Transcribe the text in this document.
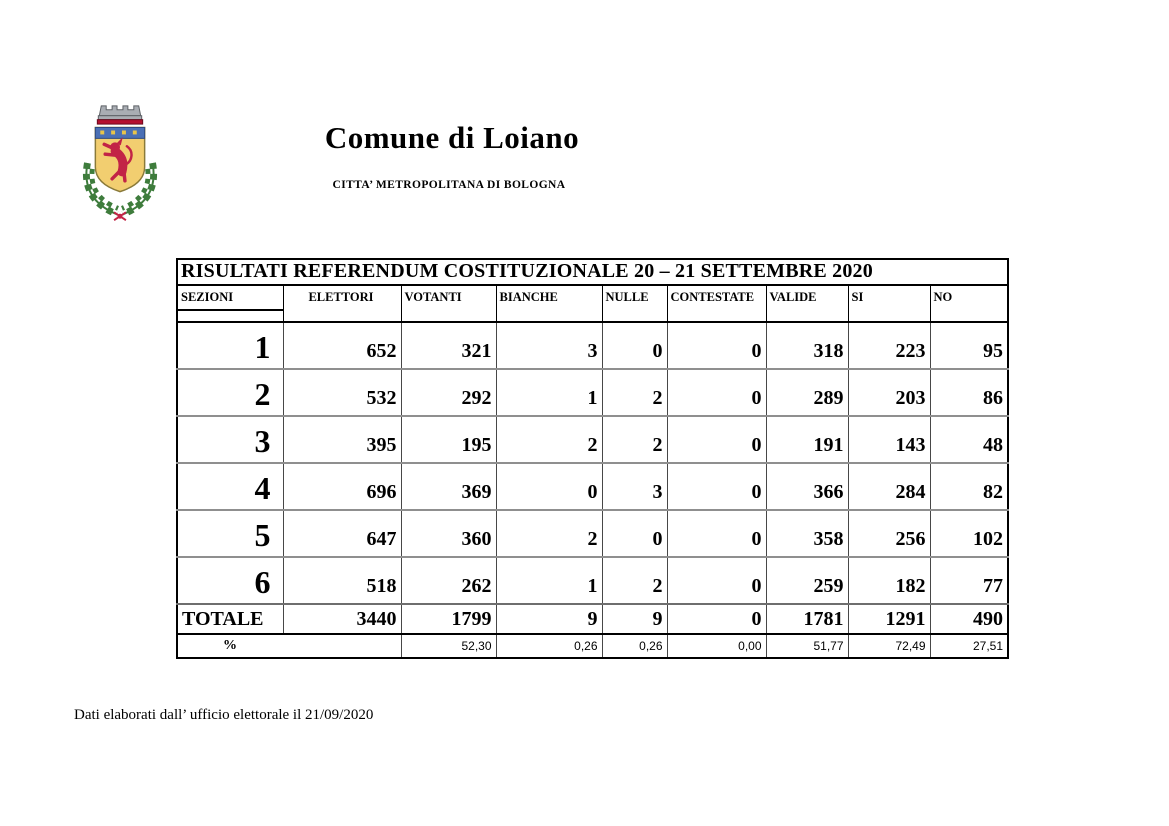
Comune di Loiano
CITTA’ METROPOLITANA DI BOLOGNA
RISULTATI REFERENDUM COSTITUZIONALE 20 – 21 SETTEMBRE 2020								
SEZIONI	ELETTORI	VOTANTI	BIANCHE	NULLE	CONTESTATE	VALIDE	SI	NO

1	652	321	3	0	0	318	223	95
2	532	292	1	2	0	289	203	86
3	395	195	2	2	0	191	143	48
4	696	369	0	3	0	366	284	82
5	647	360	2	0	0	358	256	102
6	518	262	1	2	0	259	182	77
TOTALE	3440	1799	9	9	0	1781	1291	490
%		52,30	0,26	0,26	0,00	51,77	72,49	27,51
Dati elaborati dall’ ufficio elettorale il 21/09/2020
